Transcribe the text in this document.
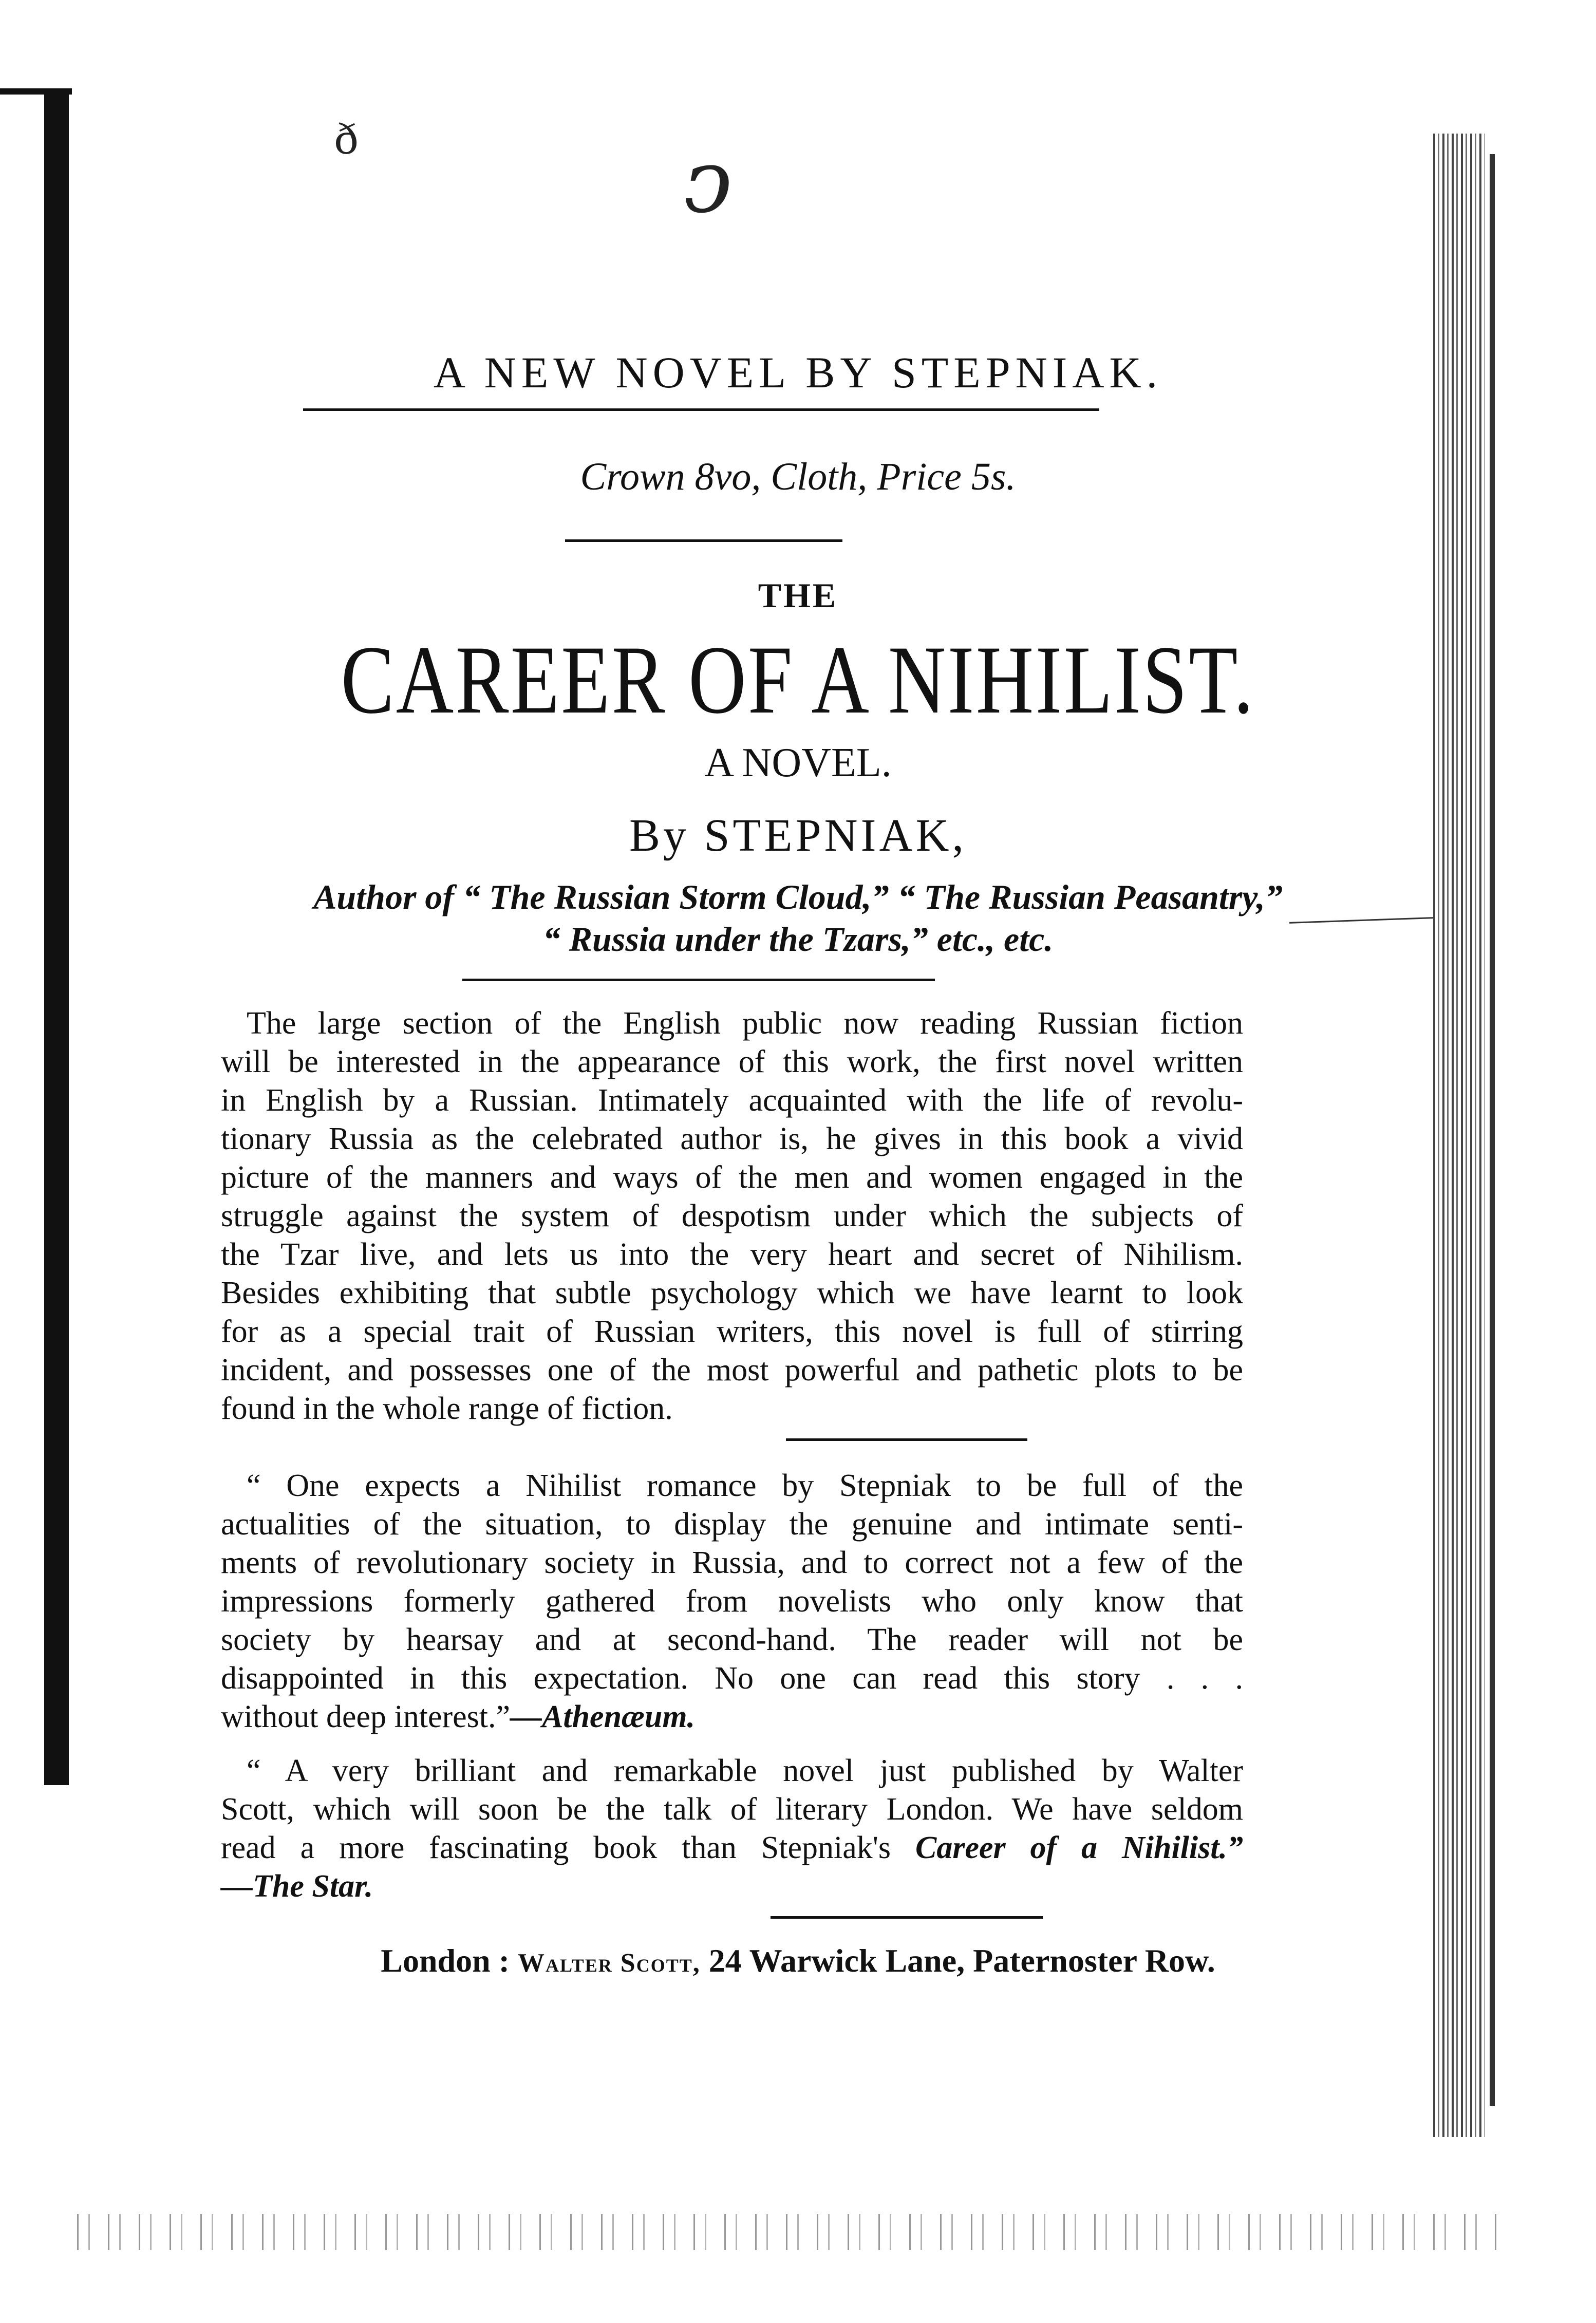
ↄ
ð
A NEW NOVEL BY STEPNIAK.
Crown 8vo, Cloth, Price 5s.
THE
CAREER OF A NIHILIST.
A NOVEL.
By STEPNIAK,
Author of “ The Russian Storm Cloud,” “ The Russian Peasantry,”
“ Russia under the Tzars,” etc., etc.
The large section of the English public now reading Russian fiction
will be interested in the appearance of this work, the first novel written
in English by a Russian. Intimately acquainted with the life of revolu-
tionary Russia as the celebrated author is, he gives in this book a vivid
picture of the manners and ways of the men and women engaged in the
struggle against the system of despotism under which the subjects of
the Tzar live, and lets us into the very heart and secret of Nihilism.
Besides exhibiting that subtle psychology which we have learnt to look
for as a special trait of Russian writers, this novel is full of stirring
incident, and possesses one of the most powerful and pathetic plots to be
found in the whole range of fiction.
“ One expects a Nihilist romance by Stepniak to be full of the
actualities of the situation, to display the genuine and intimate senti-
ments of revolutionary society in Russia, and to correct not a few of the
impressions formerly gathered from novelists who only know that
society by hearsay and at second-hand. The reader will not be
disappointed in this expectation. No one can read this story . . .
without deep interest.”—Athenæum.
“ A very brilliant and remarkable novel just published by Walter
Scott, which will soon be the talk of literary London. We have seldom
read a more fascinating book than Stepniak's Career of a Nihilist.”
—The Star.
London : Walter Scott, 24 Warwick Lane, Paternoster Row.
